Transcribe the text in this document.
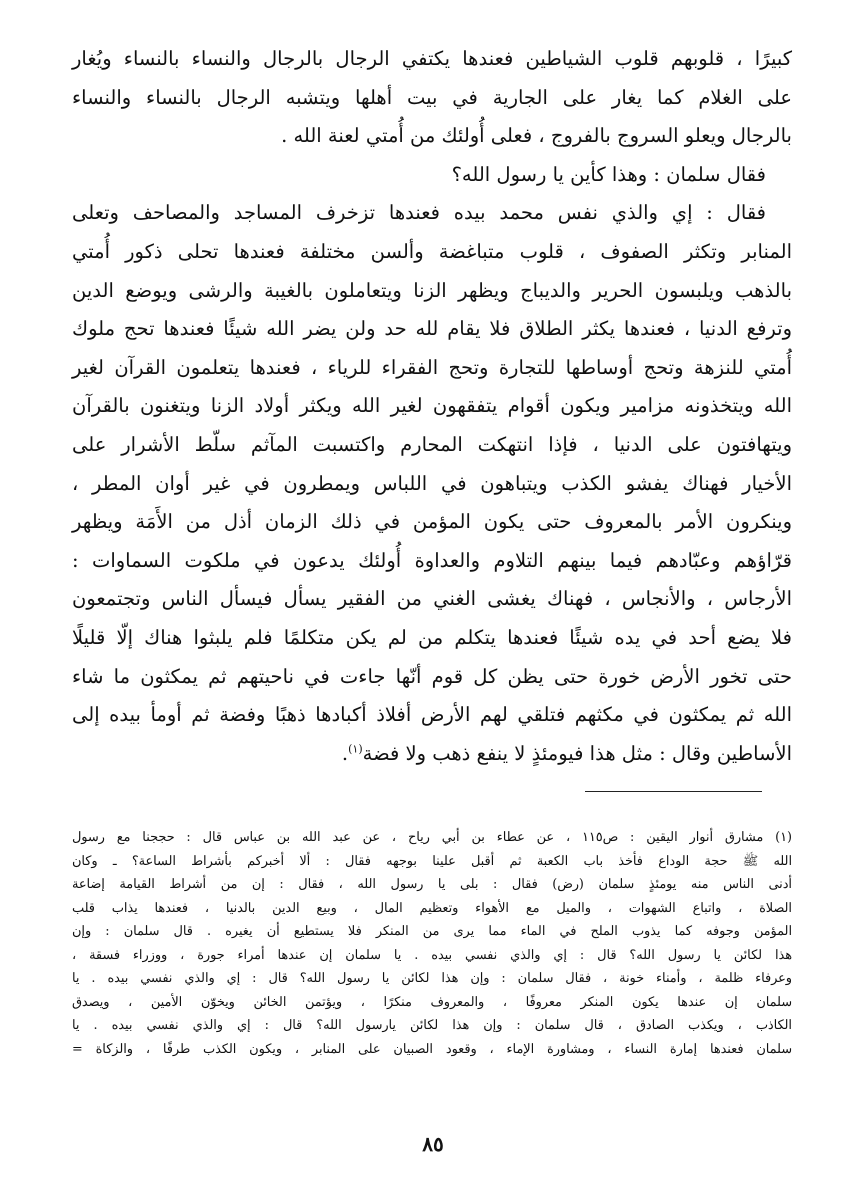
كبيرًا ، قلوبهم قلوب الشياطين فعندها يكتفي الرجال بالرجال والنساء بالنساء ويُغار
على الغلام كما يغار على الجارية في بيت أهلها ويتشبه الرجال بالنساء والنساء
بالرجال ويعلو السروج بالفروج ، فعلى أُولئك من أُمتي لعنة الله .
فقال سلمان : وهذا كأين يا رسول الله؟
فقال : إي والذي نفس محمد بيده فعندها تزخرف المساجد والمصاحف وتعلى
المنابر وتكثر الصفوف ، قلوب متباغضة وألسن مختلفة فعندها تحلى ذكور أُمتي
بالذهب ويلبسون الحرير والديباج ويظهر الزنا ويتعاملون بالغيبة والرشى ويوضع الدين
وترفع الدنيا ، فعندها يكثر الطلاق فلا يقام لله حد ولن يضر الله شيئًا فعندها تحج ملوك
أُمتي للنزهة وتحج أوساطها للتجارة وتحج الفقراء للرياء ، فعندها يتعلمون القرآن لغير
الله ويتخذونه مزامير ويكون أقوام يتفقهون لغير الله ويكثر أولاد الزنا ويتغنون بالقرآن
ويتهافتون على الدنيا ، فإذا انتهكت المحارم واكتسبت المآثم سلّط الأشرار على
الأخيار فهناك يفشو الكذب ويتباهون في اللباس ويمطرون في غير أوان المطر ،
وينكرون الأمر بالمعروف حتى يكون المؤمن في ذلك الزمان أذل من الأَمَة ويظهر
قرّاؤهم وعبّادهم فيما بينهم التلاوم والعداوة أُولئك يدعون في ملكوت السماوات :
الأرجاس ، والأنجاس ، فهناك يغشى الغني من الفقير يسأل فيسأل الناس وتجتمعون
فلا يضع أحد في يده شيئًا فعندها يتكلم من لم يكن متكلمًا فلم يلبثوا هناك إلّا قليلًا
حتى تخور الأرض خورة حتى يظن كل قوم أنّها جاءت في ناحيتهم ثم يمكثون ما شاء
الله ثم يمكثون في مكثهم فتلقي لهم الأرض أفلاذ أكبادها ذهبًا وفضة ثم أومأ بيده إلى
الأساطين وقال : مثل هذا فيومئذٍ لا ينفع ذهب ولا فضة$^{(١)}$.
(١) مشارق أنوار اليقين : ص١١٥ ، عن عطاء بن أبي رياح ، عن عبد الله بن عباس قال : حججنا مع رسول
الله ﷺ حجة الوداع فأخذ باب الكعبة ثم أقبل علينا بوجهه فقال : ألا أخبركم بأشراط الساعة؟ ـ وكان
أدنى الناس منه يومئذٍ سلمان (رض) فقال : بلى يا رسول الله ، فقال : إن من أشراط القيامة إضاعة
الصلاة ، واتباع الشهوات ، والميل مع الأهواء وتعظيم المال ، وبيع الدين بالدنيا ، فعندها يذاب قلب
المؤمن وجوفه كما يذوب الملح في الماء مما يرى من المنكر فلا يستطيع أن يغيره . قال سلمان : وإن
هذا لكائن يا رسول الله؟ قال : إي والذي نفسي بيده . يا سلمان إن عندها أمراء جورة ، ووزراء فسقة ،
وعرفاء ظلمة ، وأمناء خونة ، فقال سلمان : وإن هذا لكائن يا رسول الله؟ قال : إي والذي نفسي بيده . يا
سلمان إن عندها يكون المنكر معروفًا ، والمعروف منكرًا ، ويؤتمن الخائن ويخوّن الأمين ، ويصدق
الكاذب ، ويكذب الصادق ، قال سلمان : وإن هذا لكائن يارسول الله؟ قال : إي والذي نفسي بيده . يا
سلمان فعندها إمارة النساء ، ومشاورة الإماء ، وقعود الصبيان على المنابر ، ويكون الكذب طرفًا ، والزكاة =
٨٥
